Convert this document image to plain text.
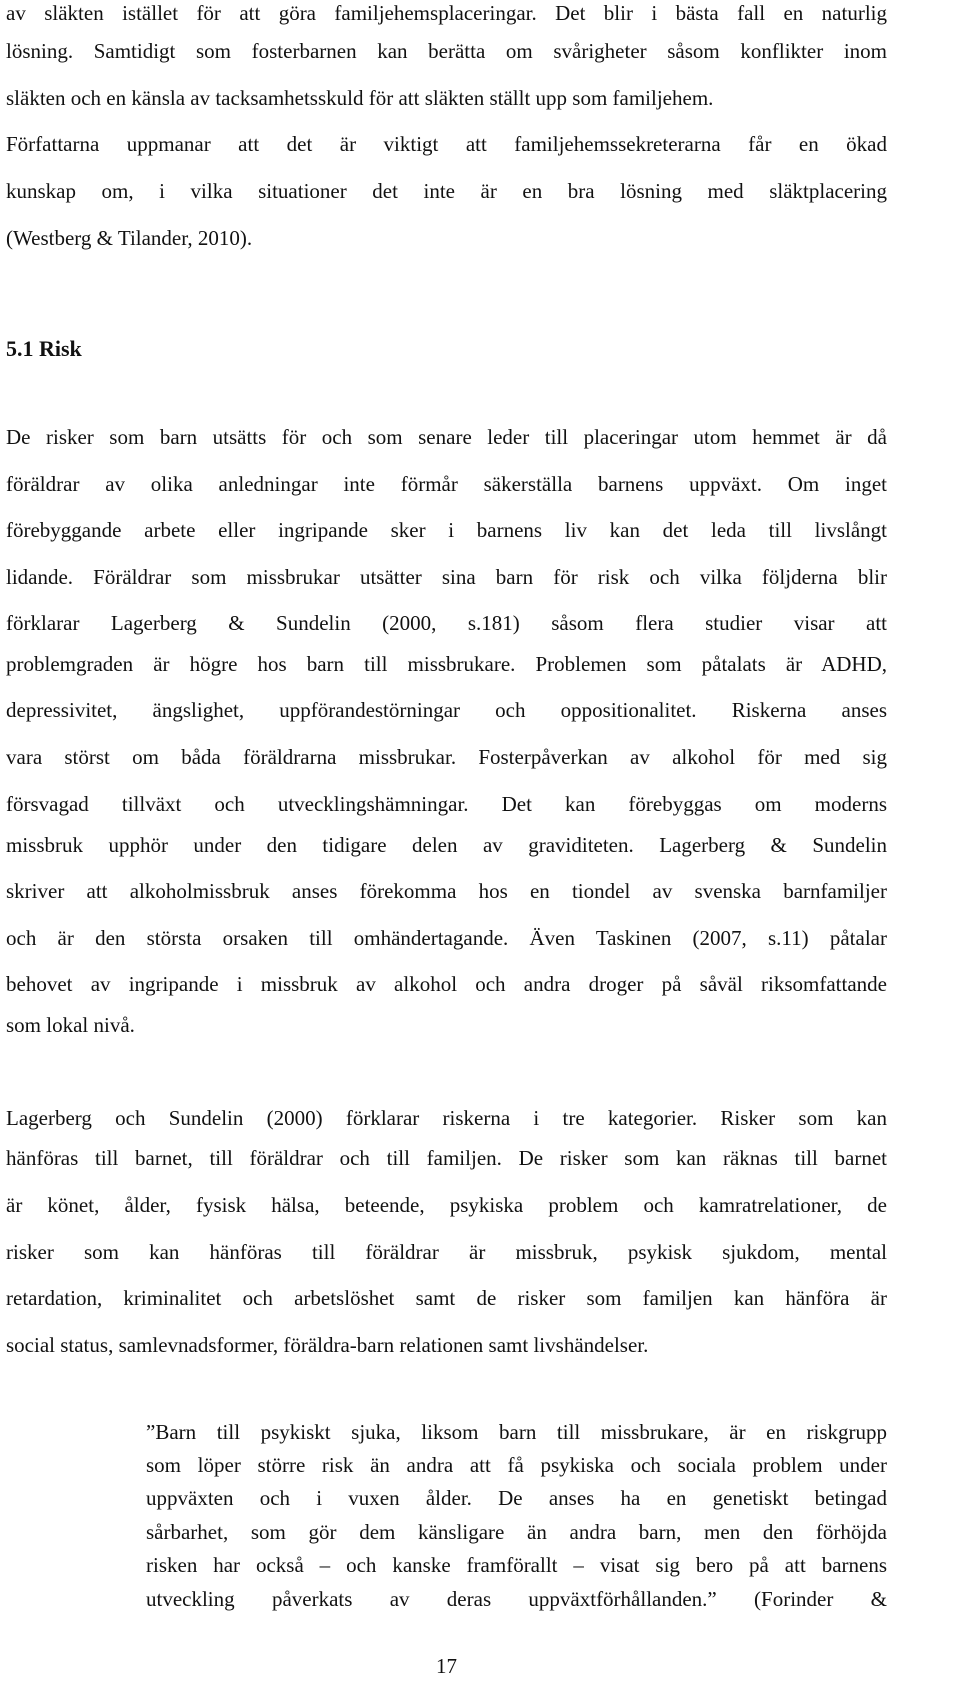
av släkten istället för att göra familjehemsplaceringar. Det blir i bästa fall en naturlig
lösning. Samtidigt som fosterbarnen kan berätta om svårigheter såsom konflikter inom
släkten och en känsla av tacksamhetsskuld för att släkten ställt upp som familjehem.
Författarna uppmanar att det är viktigt att familjehemssekreterarna får en ökad
kunskap om, i vilka situationer det inte är en bra lösning med släktplacering
(Westberg & Tilander, 2010).
5.1 Risk
De risker som barn utsätts för och som senare leder till placeringar utom hemmet är då
föräldrar av olika anledningar inte förmår säkerställa barnens uppväxt. Om inget
förebyggande arbete eller ingripande sker i barnens liv kan det leda till livslångt
lidande. Föräldrar som missbrukar utsätter sina barn för risk och vilka följderna blir
förklarar Lagerberg & Sundelin (2000, s.181) såsom flera studier visar att
problemgraden är högre hos barn till missbrukare. Problemen som påtalats är ADHD,
depressivitet, ängslighet, uppförandestörningar och oppositionalitet. Riskerna anses
vara störst om båda föräldrarna missbrukar. Fosterpåverkan av alkohol för med sig
försvagad tillväxt och utvecklingshämningar. Det kan förebyggas om moderns
missbruk upphör under den tidigare delen av graviditeten. Lagerberg & Sundelin
skriver att alkoholmissbruk anses förekomma hos en tiondel av svenska barnfamiljer
och är den största orsaken till omhändertagande. Även Taskinen (2007, s.11) påtalar
behovet av ingripande i missbruk av alkohol och andra droger på såväl riksomfattande
som lokal nivå.
Lagerberg och Sundelin (2000) förklarar riskerna i tre kategorier. Risker som kan
hänföras till barnet, till föräldrar och till familjen. De risker som kan räknas till barnet
är könet, ålder, fysisk hälsa, beteende, psykiska problem och kamratrelationer, de
risker som kan hänföras till föräldrar är missbruk, psykisk sjukdom, mental
retardation, kriminalitet och arbetslöshet samt de risker som familjen kan hänföra är
social status, samlevnadsformer, föräldra-barn relationen samt livshändelser.
”Barn till psykiskt sjuka, liksom barn till missbrukare, är en riskgrupp
som löper större risk än andra att få psykiska och sociala problem under
uppväxten och i vuxen ålder. De anses ha en genetiskt betingad
sårbarhet, som gör dem känsligare än andra barn, men den förhöjda
risken har också – och kanske framförallt – visat sig bero på att barnens
utveckling påverkats av deras uppväxtförhållanden.” (Forinder &
17
